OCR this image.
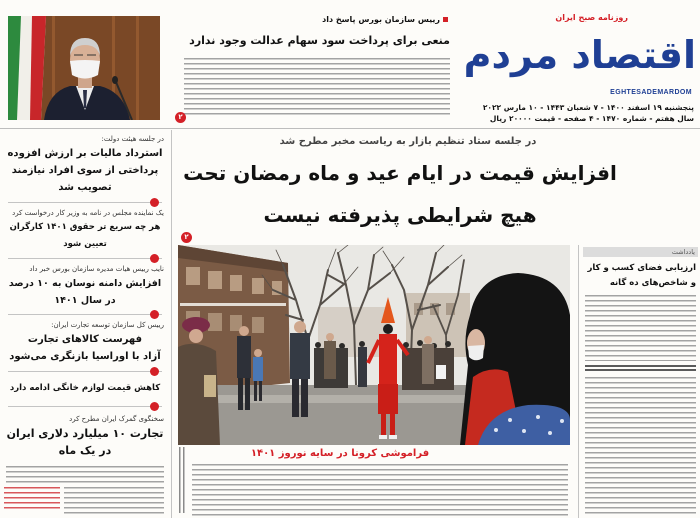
روزنامه صبح ایران
اقتصاد مردم
EGHTESADEMARDOM
پنجشنبه ۱۹ اسفند ۱۴۰۰ - ۷ شعبان ۱۴۴۳ - ۱۰ مارس ۲۰۲۲
سال هفتم - شماره ۱۴۷۰ - ۴ صفحه - قیمت ۲۰۰۰۰ ریال
رییس سازمان بورس پاسخ داد
منعی برای پرداخت سود سهام عدالت وجود ندارد
۲
در جلسه هیئت دولت:
استرداد مالیات بر ارزش افزوده
پرداختی از سوی افراد نیازمند
تصویب شد
یک نماینده مجلس در نامه به وزیر کار درخواست کرد
هر چه سریع تر حقوق ۱۴۰۱ کارگران
تعیین شود
نایب رییس هیات مدیره سازمان بورس خبر داد
افزایش دامنه نوسان به ۱۰ درصد
در سال ۱۴۰۱
رییس کل سازمان توسعه تجارت ایران:
فهرست کالاهای تجارت
آزاد با اوراسیا بازنگری می‌شود
کاهش قیمت لوازم خانگی ادامه دارد
سخنگوی گمرک ایران مطرح کرد
تجارت ۱۰ میلیارد دلاری ایران
در یک ماه
در جلسه ستاد تنظیم بازار به ریاست مخبر مطرح شد
افزایش قیمت در ایام عید و ماه رمضان تحت
هیچ شرایطی پذیرفته نیست
۲
فراموشی کرونا در سایه نوروز ۱۴۰۱
یادداشت
ارزیابی فضای کسب و کار
و شاخص‌های ده گانه
